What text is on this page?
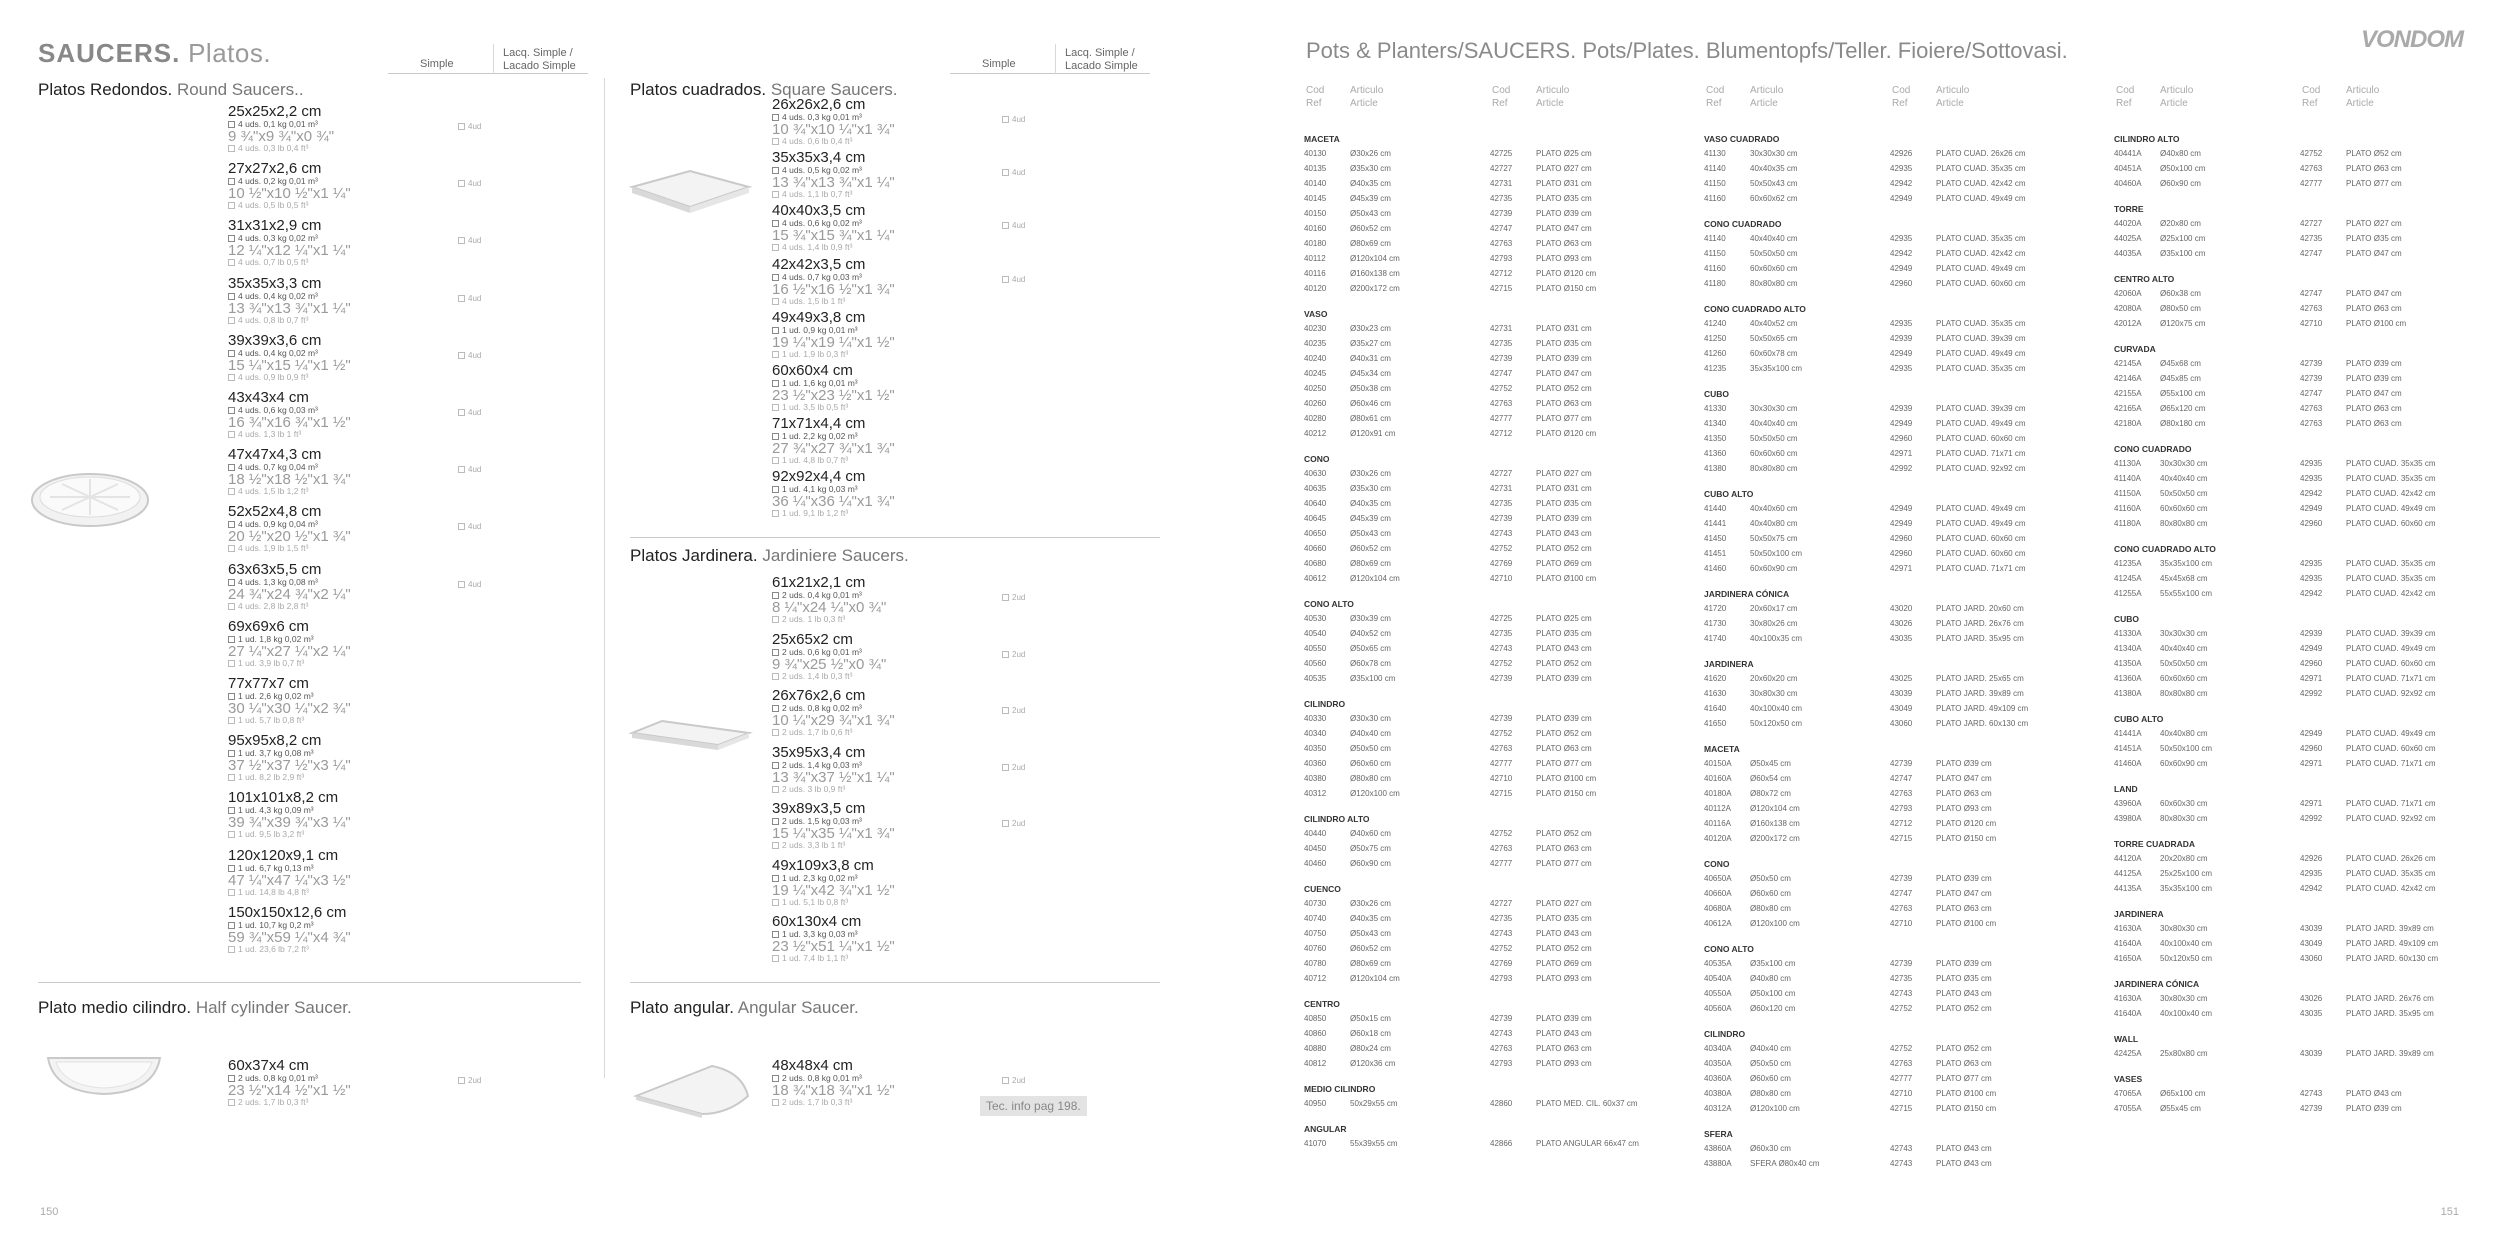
SAUCERS. Platos.	Simple
Lacq. Simple /
Lacado Simple	Simple
Lacq. Simple /
Lacado Simple
Platos Redondos. Round Saucers..	Platos cuadrados. Square Saucers.
Platos Jardinera. Jardiniere Saucers.
Plato medio cilindro. Half cylinder Saucer.	Plato angular. Angular Saucer.
25x25x2,2 cm
4 uds. 0,1 kg 0,01 m³
9 ¾"x9 ¾"x0 ¾"
4 uds. 0,3 lb 0,4 ft³
4ud
27x27x2,6 cm
4 uds. 0,2 kg 0,01 m³
10 ½"x10 ½"x1 ¼"
4 uds. 0,5 lb 0,5 ft³
4ud
31x31x2,9 cm
4 uds. 0,3 kg 0,02 m³
12 ¼"x12 ¼"x1 ¼"
4 uds. 0,7 lb 0,5 ft³
4ud
35x35x3,3 cm
4 uds. 0,4 kg 0,02 m³
13 ¾"x13 ¾"x1 ¼"
4 uds. 0,8 lb 0,7 ft³
4ud
39x39x3,6 cm
4 uds. 0,4 kg 0,02 m³
15 ¼"x15 ¼"x1 ½"
4 uds. 0,9 lb 0,9 ft³
4ud
43x43x4 cm
4 uds. 0,6 kg 0,03 m³
16 ¾"x16 ¾"x1 ½"
4 uds. 1,3 lb 1 ft³
4ud
47x47x4,3 cm
4 uds. 0,7 kg 0,04 m³
18 ½"x18 ½"x1 ¾"
4 uds. 1,5 lb 1,2 ft³
4ud
52x52x4,8 cm
4 uds. 0,9 kg 0,04 m³
20 ½"x20 ½"x1 ¾"
4 uds. 1,9 lb 1,5 ft³
4ud
63x63x5,5 cm
4 uds. 1,3 kg 0,08 m³
24 ¾"x24 ¾"x2 ¼"
4 uds. 2,8 lb 2,8 ft³
4ud
69x69x6 cm
1 ud. 1,8 kg 0,02 m³
27 ¼"x27 ¼"x2 ¼"
1 ud. 3,9 lb 0,7 ft³
77x77x7 cm
1 ud. 2,6 kg 0,02 m³
30 ¼"x30 ¼"x2 ¾"
1 ud. 5,7 lb 0,8 ft³
95x95x8,2 cm
1 ud. 3,7 kg 0,08 m³
37 ½"x37 ½"x3 ¼"
1 ud. 8,2 lb 2,9 ft³
101x101x8,2 cm
1 ud. 4,3 kg 0,09 m³
39 ¾"x39 ¾"x3 ¼"
1 ud. 9,5 lb 3,2 ft³
120x120x9,1 cm
1 ud. 6,7 kg 0,13 m³
47 ¼"x47 ¼"x3 ½"
1 ud. 14,8 lb 4,8 ft³
150x150x12,6 cm
1 ud. 10,7 kg 0,2 m³
59 ¾"x59 ¼"x4 ¾"
1 ud. 23,6 lb 7,2 ft³
26x26x2,6 cm
4 uds. 0,3 kg 0,01 m³
10 ¾"x10 ¼"x1 ¾"
4 uds. 0,6 lb 0,4 ft³
4ud
35x35x3,4 cm
4 uds. 0,5 kg 0,02 m³
13 ¾"x13 ¾"x1 ¼"
4 uds. 1,1 lb 0,7 ft³
4ud
40x40x3,5 cm
4 uds. 0,6 kg 0,02 m³
15 ¾"x15 ¾"x1 ¼"
4 uds. 1,4 lb 0,9 ft³
4ud
42x42x3,5 cm
4 uds. 0,7 kg 0,03 m³
16 ½"x16 ½"x1 ¾"
4 uds. 1,5 lb 1 ft³
4ud
49x49x3,8 cm
1 ud. 0,9 kg 0,01 m³
19 ¼"x19 ¼"x1 ½"
1 ud. 1,9 lb 0,3 ft³
60x60x4 cm
1 ud. 1,6 kg 0,01 m³
23 ½"x23 ½"x1 ½"
1 ud. 3,5 lb 0,5 ft³
71x71x4,4 cm
1 ud. 2,2 kg 0,02 m³
27 ¾"x27 ¾"x1 ¾"
1 ud. 4,8 lb 0,7 ft³
92x92x4,4 cm
1 ud. 4,1 kg 0,03 m³
36 ¼"x36 ¼"x1 ¾"
1 ud. 9,1 lb 1,2 ft³
61x21x2,1 cm
2 uds. 0,4 kg 0,01 m³
8 ¼"x24 ¼"x0 ¾"
2 uds. 1 lb 0,3 ft³
2ud
25x65x2 cm
2 uds. 0,6 kg 0,01 m³
9 ¾"x25 ½"x0 ¾"
2 uds. 1,4 lb 0,3 ft³
2ud
26x76x2,6 cm
2 uds. 0,8 kg 0,02 m³
10 ¼"x29 ¾"x1 ¾"
2 uds. 1,7 lb 0,6 ft³
2ud
35x95x3,4 cm
2 uds. 1,4 kg 0,03 m³
13 ¾"x37 ½"x1 ¼"
2 uds. 3 lb 0,9 ft³
2ud
39x89x3,5 cm
2 uds. 1,5 kg 0,03 m³
15 ¼"x35 ¼"x1 ¾"
2 uds. 3,3 lb 1 ft³
2ud
49x109x3,8 cm
1 ud. 2,3 kg 0,02 m³
19 ¼"x42 ¾"x1 ½"
1 ud. 5,1 lb 0,8 ft³
60x130x4 cm
1 ud. 3,3 kg 0,03 m³
23 ½"x51 ¼"x1 ½"
1 ud. 7,4 lb 1,1 ft³
60x37x4 cm
2 uds. 0,8 kg 0,01 m³
23 ½"x14 ½"x1 ½"
2 uds. 1,7 lb 0,3 ft³
2ud
48x48x4 cm
2 uds. 0,8 kg 0,01 m³
18 ¾"x18 ¾"x1 ½"
2 uds. 1,7 lb 0,3 ft³
2ud
Tec. info pag 198.
150
Pots & Planters/SAUCERS. Pots/Plates. Blumentopfs/Teller. Fioiere/Sottovasi.	VONDOM
Cod
Ref
Articulo
Article
Cod
Ref
Articulo
Article
MACETA
40130	Ø30x26 cm	42725	PLATO Ø25 cm
40135	Ø35x30 cm	42727	PLATO Ø27 cm
40140	Ø40x35 cm	42731	PLATO Ø31 cm
40145	Ø45x39 cm	42735	PLATO Ø35 cm
40150	Ø50x43 cm	42739	PLATO Ø39 cm
40160	Ø60x52 cm	42747	PLATO Ø47 cm
40180	Ø80x69 cm	42763	PLATO Ø63 cm
40112	Ø120x104 cm	42793	PLATO Ø93 cm
40116	Ø160x138 cm	42712	PLATO Ø120 cm
40120	Ø200x172 cm	42715	PLATO Ø150 cm
VASO
40230	Ø30x23 cm	42731	PLATO Ø31 cm
40235	Ø35x27 cm	42735	PLATO Ø35 cm
40240	Ø40x31 cm	42739	PLATO Ø39 cm
40245	Ø45x34 cm	42747	PLATO Ø47 cm
40250	Ø50x38 cm	42752	PLATO Ø52 cm
40260	Ø60x46 cm	42763	PLATO Ø63 cm
40280	Ø80x61 cm	42777	PLATO Ø77 cm
40212	Ø120x91 cm	42712	PLATO Ø120 cm
CONO
40630	Ø30x26 cm	42727	PLATO Ø27 cm
40635	Ø35x30 cm	42731	PLATO Ø31 cm
40640	Ø40x35 cm	42735	PLATO Ø35 cm
40645	Ø45x39 cm	42739	PLATO Ø39 cm
40650	Ø50x43 cm	42743	PLATO Ø43 cm
40660	Ø60x52 cm	42752	PLATO Ø52 cm
40680	Ø80x69 cm	42769	PLATO Ø69 cm
40612	Ø120x104 cm	42710	PLATO Ø100 cm
CONO ALTO
40530	Ø30x39 cm	42725	PLATO Ø25 cm
40540	Ø40x52 cm	42735	PLATO Ø35 cm
40550	Ø50x65 cm	42743	PLATO Ø43 cm
40560	Ø60x78 cm	42752	PLATO Ø52 cm
40535	Ø35x100 cm	42739	PLATO Ø39 cm
CILINDRO
40330	Ø30x30 cm	42739	PLATO Ø39 cm
40340	Ø40x40 cm	42752	PLATO Ø52 cm
40350	Ø50x50 cm	42763	PLATO Ø63 cm
40360	Ø60x60 cm	42777	PLATO Ø77 cm
40380	Ø80x80 cm	42710	PLATO Ø100 cm
40312	Ø120x100 cm	42715	PLATO Ø150 cm
CILINDRO ALTO
40440	Ø40x60 cm	42752	PLATO Ø52 cm
40450	Ø50x75 cm	42763	PLATO Ø63 cm
40460	Ø60x90 cm	42777	PLATO Ø77 cm
CUENCO
40730	Ø30x26 cm	42727	PLATO Ø27 cm
40740	Ø40x35 cm	42735	PLATO Ø35 cm
40750	Ø50x43 cm	42743	PLATO Ø43 cm
40760	Ø60x52 cm	42752	PLATO Ø52 cm
40780	Ø80x69 cm	42769	PLATO Ø69 cm
40712	Ø120x104 cm	42793	PLATO Ø93 cm
CENTRO
40850	Ø50x15 cm	42739	PLATO Ø39 cm
40860	Ø60x18 cm	42743	PLATO Ø43 cm
40880	Ø80x24 cm	42763	PLATO Ø63 cm
40812	Ø120x36 cm	42793	PLATO Ø93 cm
MEDIO CILINDRO
40950	50x29x55 cm	42860	PLATO MED. CIL. 60x37 cm
ANGULAR
41070	55x39x55 cm	42866	PLATO ANGULAR 66x47 cm
Cod
Ref
Articulo
Article
Cod
Ref
Articulo
Article
VASO CUADRADO
41130	30x30x30 cm	42926	PLATO CUAD. 26x26 cm
41140	40x40x35 cm	42935	PLATO CUAD. 35x35 cm
41150	50x50x43 cm	42942	PLATO CUAD. 42x42 cm
41160	60x60x62 cm	42949	PLATO CUAD. 49x49 cm
CONO CUADRADO
41140	40x40x40 cm	42935	PLATO CUAD. 35x35 cm
41150	50x50x50 cm	42942	PLATO CUAD. 42x42 cm
41160	60x60x60 cm	42949	PLATO CUAD. 49x49 cm
41180	80x80x80 cm	42960	PLATO CUAD. 60x60 cm
CONO CUADRADO ALTO
41240	40x40x52 cm	42935	PLATO CUAD. 35x35 cm
41250	50x50x65 cm	42939	PLATO CUAD. 39x39 cm
41260	60x60x78 cm	42949	PLATO CUAD. 49x49 cm
41235	35x35x100 cm	42935	PLATO CUAD. 35x35 cm
CUBO
41330	30x30x30 cm	42939	PLATO CUAD. 39x39 cm
41340	40x40x40 cm	42949	PLATO CUAD. 49x49 cm
41350	50x50x50 cm	42960	PLATO CUAD. 60x60 cm
41360	60x60x60 cm	42971	PLATO CUAD. 71x71 cm
41380	80x80x80 cm	42992	PLATO CUAD. 92x92 cm
CUBO ALTO
41440	40x40x60 cm	42949	PLATO CUAD. 49x49 cm
41441	40x40x80 cm	42949	PLATO CUAD. 49x49 cm
41450	50x50x75 cm	42960	PLATO CUAD. 60x60 cm
41451	50x50x100 cm	42960	PLATO CUAD. 60x60 cm
41460	60x60x90 cm	42971	PLATO CUAD. 71x71 cm
JARDINERA CÓNICA
41720	20x60x17 cm	43020	PLATO JARD. 20x60 cm
41730	30x80x26 cm	43026	PLATO JARD. 26x76 cm
41740	40x100x35 cm	43035	PLATO JARD. 35x95 cm
JARDINERA
41620	20x60x20 cm	43025	PLATO JARD. 25x65 cm
41630	30x80x30 cm	43039	PLATO JARD. 39x89 cm
41640	40x100x40 cm	43049	PLATO JARD. 49x109 cm
41650	50x120x50 cm	43060	PLATO JARD. 60x130 cm
MACETA
40150A Ø50x45 cm	42739	PLATO Ø39 cm
40160A Ø60x54 cm	42747	PLATO Ø47 cm
40180A Ø80x72 cm	42763	PLATO Ø63 cm
40112A Ø120x104 cm	42793	PLATO Ø93 cm
40116A Ø160x138 cm	42712	PLATO Ø120 cm
40120A Ø200x172 cm	42715	PLATO Ø150 cm
CONO
40650A Ø50x50 cm	42739	PLATO Ø39 cm
40660A Ø60x60 cm	42747	PLATO Ø47 cm
40680A Ø80x80 cm	42763	PLATO Ø63 cm
40612A Ø120x100 cm	42710	PLATO Ø100 cm
CONO ALTO
40535A Ø35x100 cm	42739	PLATO Ø39 cm
40540A Ø40x80 cm	42735	PLATO Ø35 cm
40550A Ø50x100 cm	42743	PLATO Ø43 cm
40560A Ø60x120 cm	42752	PLATO Ø52 cm
CILINDRO
40340A Ø40x40 cm	42752	PLATO Ø52 cm
40350A Ø50x50 cm	42763	PLATO Ø63 cm
40360A Ø60x60 cm	42777	PLATO Ø77 cm
40380A Ø80x80 cm	42710	PLATO Ø100 cm
40312A Ø120x100 cm	42715	PLATO Ø150 cm
SFERA
43860A Ø60x30 cm	42743	PLATO Ø43 cm
43880A SFERA Ø80x40 cm	42743	PLATO Ø43 cm
Cod
Ref
Articulo
Article
Cod
Ref
Articulo
Article
CILINDRO ALTO
40441A Ø40x80 cm	42752	PLATO Ø52 cm
40451A Ø50x100 cm	42763	PLATO Ø63 cm
40460A Ø60x90 cm	42777	PLATO Ø77 cm
TORRE
44020A Ø20x80 cm	42727	PLATO Ø27 cm
44025A Ø25x100 cm	42735	PLATO Ø35 cm
44035A Ø35x100 cm	42747	PLATO Ø47 cm
CENTRO ALTO
42060A Ø60x38 cm	42747	PLATO Ø47 cm
42080A Ø80x50 cm	42763	PLATO Ø63 cm
42012A Ø120x75 cm	42710	PLATO Ø100 cm
CURVADA
42145A Ø45x68 cm	42739	PLATO Ø39 cm
42146A Ø45x85 cm	42739	PLATO Ø39 cm
42155A Ø55x100 cm	42747	PLATO Ø47 cm
42165A Ø65x120 cm	42763	PLATO Ø63 cm
42180A Ø80x180 cm	42763	PLATO Ø63 cm
CONO CUADRADO
41130A 30x30x30 cm	42935	PLATO CUAD. 35x35 cm
41140A 40x40x40 cm	42935	PLATO CUAD. 35x35 cm
41150A 50x50x50 cm	42942	PLATO CUAD. 42x42 cm
41160A 60x60x60 cm	42949	PLATO CUAD. 49x49 cm
41180A 80x80x80 cm	42960	PLATO CUAD. 60x60 cm
CONO CUADRADO ALTO
41235A 35x35x100 cm	42935	PLATO CUAD. 35x35 cm
41245A 45x45x68 cm	42935	PLATO CUAD. 35x35 cm
41255A 55x55x100 cm	42942	PLATO CUAD. 42x42 cm
CUBO
41330A 30x30x30 cm	42939	PLATO CUAD. 39x39 cm
41340A 40x40x40 cm	42949	PLATO CUAD. 49x49 cm
41350A 50x50x50 cm	42960	PLATO CUAD. 60x60 cm
41360A 60x60x60 cm	42971	PLATO CUAD. 71x71 cm
41380A 80x80x80 cm	42992	PLATO CUAD. 92x92 cm
CUBO ALTO
41441A 40x40x80 cm	42949	PLATO CUAD. 49x49 cm
41451A 50x50x100 cm	42960	PLATO CUAD. 60x60 cm
41460A 60x60x90 cm	42971	PLATO CUAD. 71x71 cm
LAND
43960A 60x60x30 cm	42971	PLATO CUAD. 71x71 cm
43980A 80x80x30 cm	42992	PLATO CUAD. 92x92 cm
TORRE CUADRADA
44120A 20x20x80 cm	42926	PLATO CUAD. 26x26 cm
44125A 25x25x100 cm	42935	PLATO CUAD. 35x35 cm
44135A 35x35x100 cm	42942	PLATO CUAD. 42x42 cm
JARDINERA
41630A 30x80x30 cm	43039	PLATO JARD. 39x89 cm
41640A 40x100x40 cm	43049	PLATO JARD. 49x109 cm
41650A 50x120x50 cm	43060	PLATO JARD. 60x130 cm
JARDINERA CÓNICA
41630A 30x80x30 cm	43026	PLATO JARD. 26x76 cm
41640A 40x100x40 cm	43035	PLATO JARD. 35x95 cm
WALL
42425A 25x80x80 cm	43039	PLATO JARD. 39x89 cm
VASES
47065A Ø65x100 cm	42743	PLATO Ø43 cm
47055A Ø55x45 cm	42739	PLATO Ø39 cm
151
